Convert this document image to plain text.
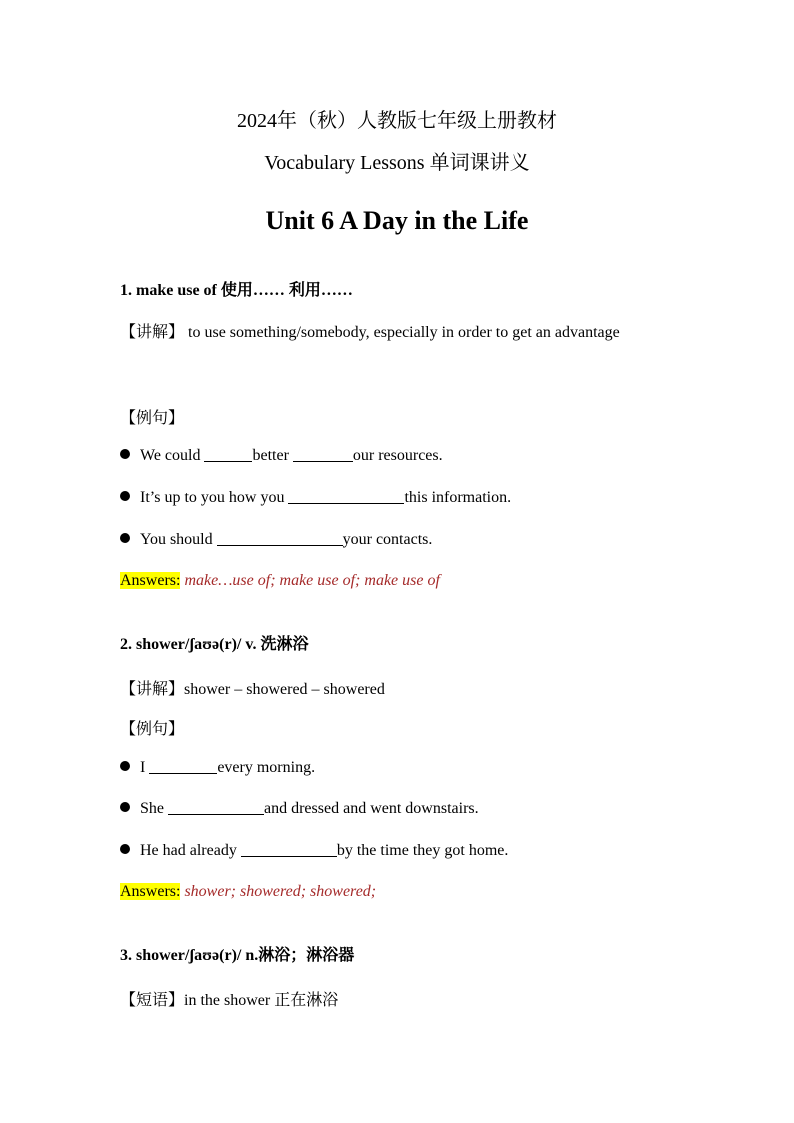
2024年（秋）人教版七年级上册教材
Vocabulary Lessons 单词课讲义
Unit 6 A Day in the Life
1. make use of 使用…… 利用……
【讲解】 to use something/somebody, especially in order to get an advantage
【例句】
We could	better	our resources.
It’s up to you how you	this information.
You should	your contacts.
Answers: make…use of; make use of; make use of
2. shower/ʃaʊə(r)/ v. 洗淋浴
【讲解】shower – showered – showered
【例句】
I	every morning.
She	and dressed and went downstairs.
He had already	by the time they got home.
Answers: shower; showered; showered;
3. shower/ʃaʊə(r)/ n.淋浴；淋浴器
【短语】in the shower 正在淋浴
